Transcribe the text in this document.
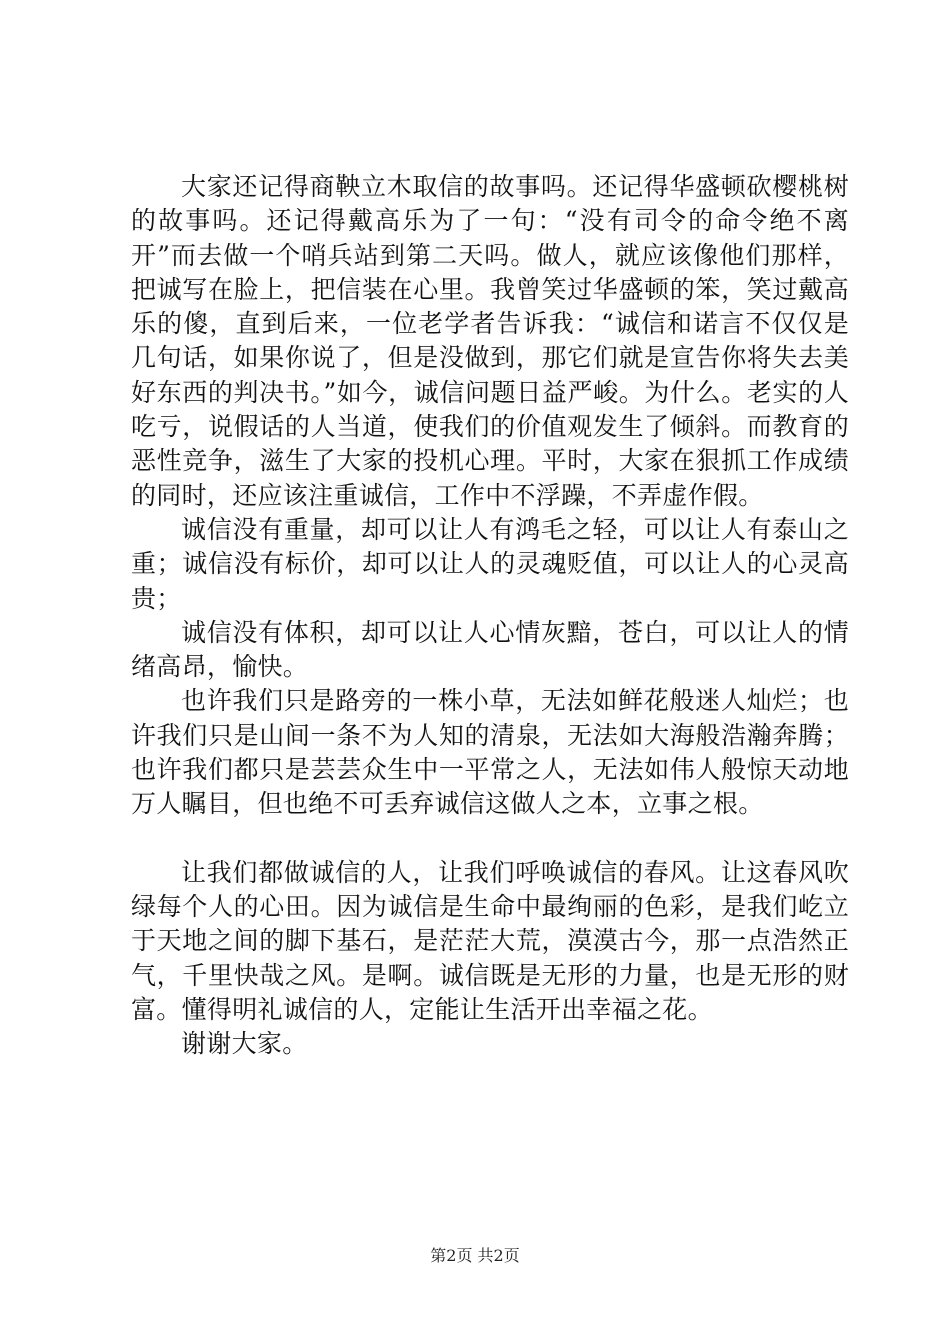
大家还记得商鞅立木取信的故事吗。还记得华盛顿砍樱桃树的故事吗。还记得戴高乐为了一句：“没有司令的命令绝不离开”而去做一个哨兵站到第二天吗。做人，就应该像他们那样，把诚写在脸上，把信装在心里。我曾笑过华盛顿的笨，笑过戴高乐的傻，直到后来，一位老学者告诉我：“诚信和诺言不仅仅是几句话，如果你说了，但是没做到，那它们就是宣告你将失去美好东西的判决书。”如今，诚信问题日益严峻。为什么。老实的人吃亏，说假话的人当道，使我们的价值观发生了倾斜。而教育的恶性竞争，滋生了大家的投机心理。平时，大家在狠抓工作成绩的同时，还应该注重诚信，工作中不浮躁，不弄虚作假。

诚信没有重量，却可以让人有鸿毛之轻，可以让人有泰山之重；诚信没有标价，却可以让人的灵魂贬值，可以让人的心灵高贵；

诚信没有体积，却可以让人心情灰黯，苍白，可以让人的情绪高昂，愉快。

也许我们只是路旁的一株小草，无法如鲜花般迷人灿烂；也许我们只是山间一条不为人知的清泉，无法如大海般浩瀚奔腾；也许我们都只是芸芸众生中一平常之人，无法如伟人般惊天动地万人瞩目，但也绝不可丢弃诚信这做人之本，立事之根。

让我们都做诚信的人，让我们呼唤诚信的春风。让这春风吹绿每个人的心田。因为诚信是生命中最绚丽的色彩，是我们屹立于天地之间的脚下基石，是茫茫大荒，漠漠古今，那一点浩然正气，千里快哉之风。是啊。诚信既是无形的力量，也是无形的财富。懂得明礼诚信的人，定能让生活开出幸福之花。

谢谢大家。

第2页 共2页
